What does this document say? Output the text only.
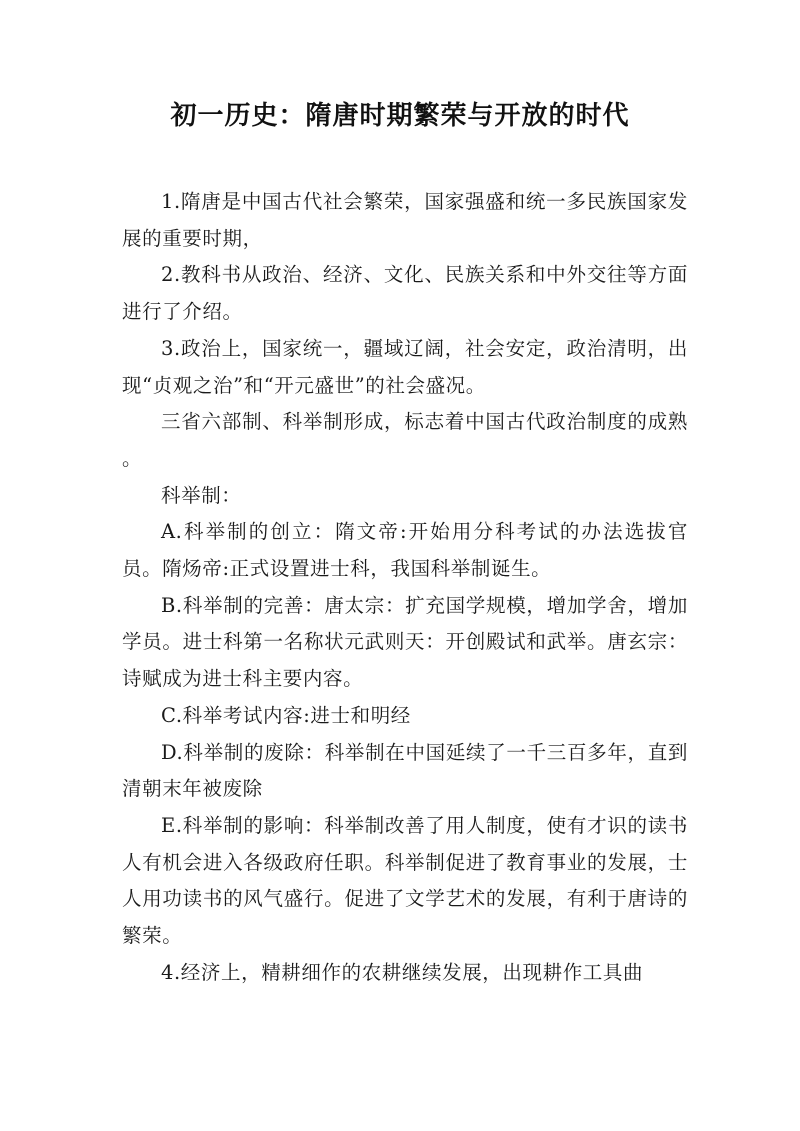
初一历史：隋唐时期繁荣与开放的时代

1.隋唐是中国古代社会繁荣，国家强盛和统一多民族国家发展的重要时期，

2.教科书从政治、经济、文化、民族关系和中外交往等方面进行了介绍。

3.政治上，国家统一，疆域辽阔，社会安定，政治清明，出现“贞观之治”和“开元盛世”的社会盛况。

三省六部制、科举制形成，标志着中国古代政治制度的成熟 。

科举制：

A.科举制的创立：隋文帝:开始用分科考试的办法选拔官员。隋炀帝:正式设置进士科，我国科举制诞生。

B.科举制的完善：唐太宗：扩充国学规模，增加学舍，增加学员。进士科第一名称状元武则天：开创殿试和武举。唐玄宗：诗赋成为进士科主要内容。

C.科举考试内容:进士和明经

D.科举制的废除：科举制在中国延续了一千三百多年，直到清朝末年被废除

E.科举制的影响：科举制改善了用人制度，使有才识的读书人有机会进入各级政府任职。科举制促进了教育事业的发展，士人用功读书的风气盛行。促进了文学艺术的发展，有利于唐诗的繁荣。

4.经济上，精耕细作的农耕继续发展，出现耕作工具曲
